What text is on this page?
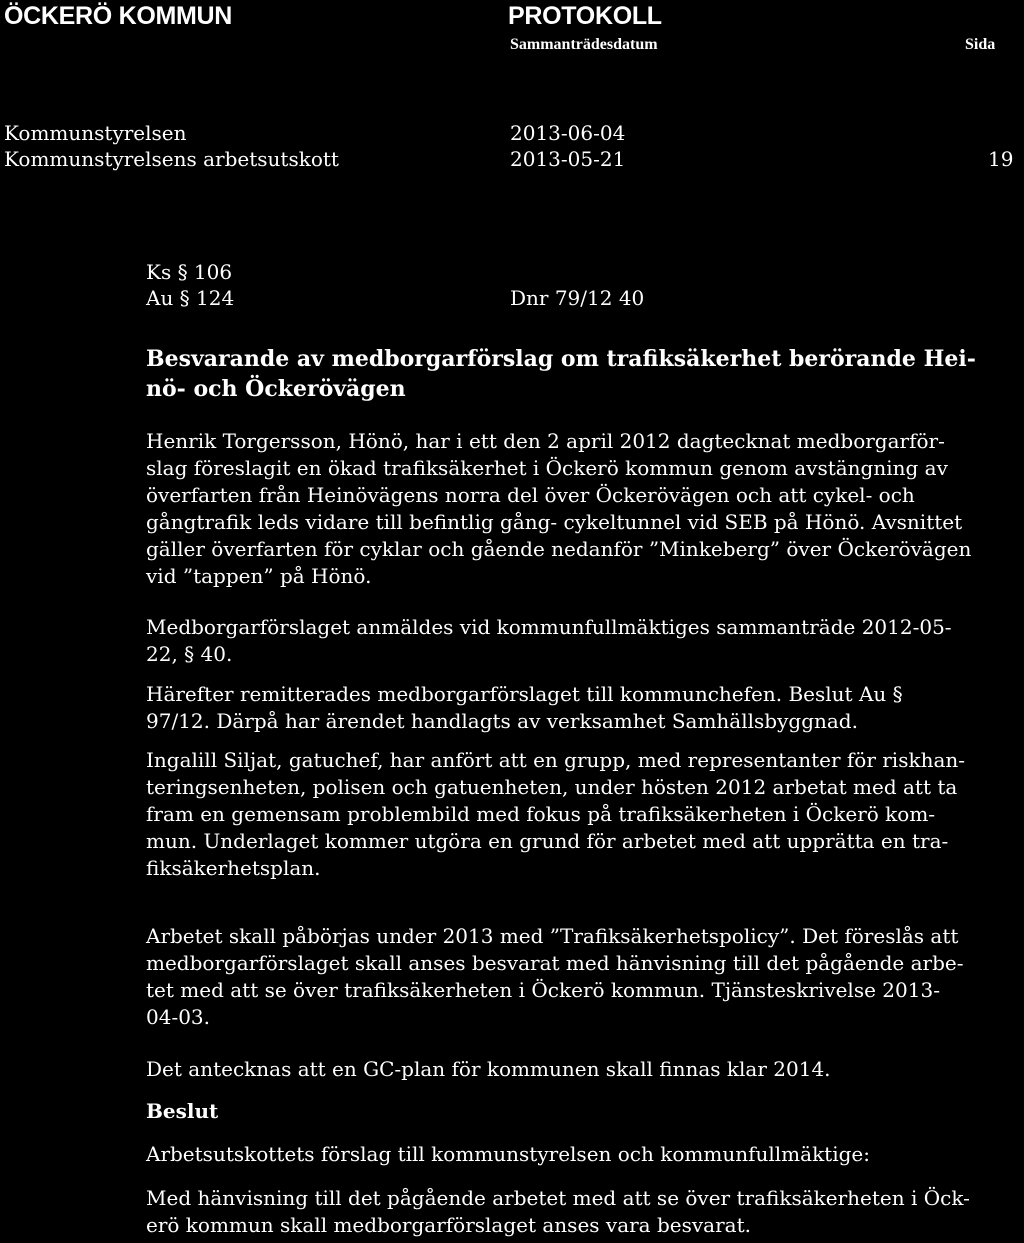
ÖCKERÖ KOMMUN	PROTOKOLL
Sammanträdesdatum	Sida
Kommunstyrelsen	2013-06-04
Kommunstyrelsens arbetsutskott	2013-05-21	19
Ks § 106
Au § 124	Dnr 79/12 40
Besvarande av medborgarförslag om trafiksäkerhet berörande Hei-
nö- och Öckerövägen
Henrik Torgersson, Hönö, har i ett den 2 april 2012 dagtecknat medborgarför-
slag föreslagit en ökad trafiksäkerhet i Öckerö kommun genom avstängning av
överfarten från Heinövägens norra del över Öckerövägen och att cykel- och
gångtrafik leds vidare till befintlig gång- cykeltunnel vid SEB på Hönö. Avsnittet
gäller överfarten för cyklar och gående nedanför ”Minkeberg” över Öckerövägen
vid ”tappen” på Hönö.
Medborgarförslaget anmäldes vid kommunfullmäktiges sammanträde 2012-05-
22, § 40.
Härefter remitterades medborgarförslaget till kommunchefen. Beslut Au §
97/12. Därpå har ärendet handlagts av verksamhet Samhällsbyggnad.
Ingalill Siljat, gatuchef, har anfört att en grupp, med representanter för riskhan-
teringsenheten, polisen och gatuenheten, under hösten 2012 arbetat med att ta
fram en gemensam problembild med fokus på trafiksäkerheten i Öckerö kom-
mun. Underlaget kommer utgöra en grund för arbetet med att upprätta en tra-
fiksäkerhetsplan.
Arbetet skall påbörjas under 2013 med ”Trafiksäkerhetspolicy”. Det föreslås att
medborgarförslaget skall anses besvarat med hänvisning till det pågående arbe-
tet med att se över trafiksäkerheten i Öckerö kommun. Tjänsteskrivelse 2013-
04-03.
Det antecknas att en GC-plan för kommunen skall finnas klar 2014.
Beslut
Arbetsutskottets förslag till kommunstyrelsen och kommunfullmäktige:
Med hänvisning till det pågående arbetet med att se över trafiksäkerheten i Öck-
erö kommun skall medborgarförslaget anses vara besvarat.
